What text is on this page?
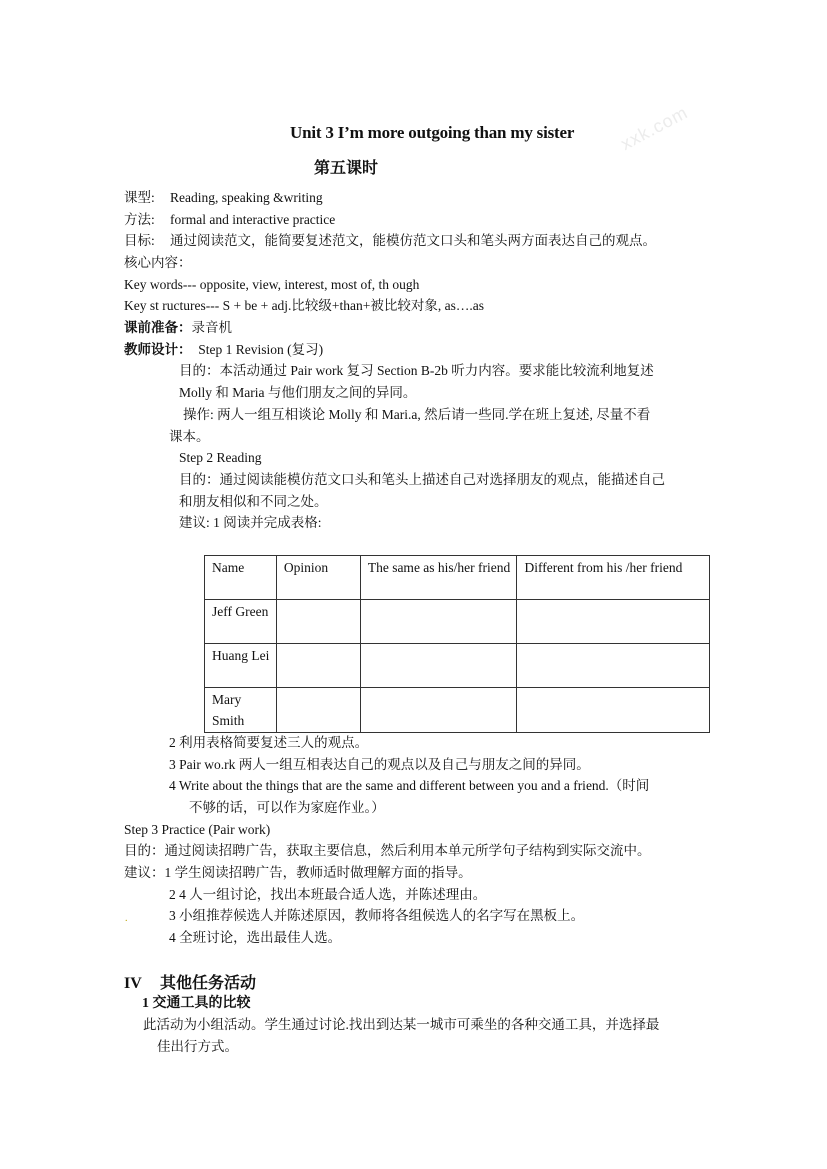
xxk.com
Unit 3 I’m more outgoing than my sister
第五课时
课型: Reading, speaking &writing
方法: formal and interactive practice
目标: 通过阅读范文，能简要复述范文，能模仿范文口头和笔头两方面表达自己的观点。
核心内容：
Key words--- opposite, view, interest, most of, th ough
Key st ructures--- S + be + adj.比较级+than+被比较对象, as….as
课前准备：录音机
教师设计： Step 1 Revision (复习)
目的：本活动通过 Pair work 复习 Section B-2b 听力内容。要求能比较流利地复述
Molly 和 Maria 与他们朋友之间的异同。
操作: 两人一组互相谈论 Molly 和 Mari.a, 然后请一些同.学在班上复述, 尽量不看
课本。
Step 2 Reading
目的：通过阅读能模仿范文口头和笔头上描述自己对选择朋友的观点，能描述自己
和朋友相似和不同之处。
建议: 1 阅读并完成表格:
Name	Opinion	The same as his/her friend	Different from his /her friend
Jeff Green			
Huang Lei			
Mary Smith			
2 利用表格简要复述三人的观点。
3 Pair wo.rk 两人一组互相表达自己的观点以及自己与朋友之间的异同。
4 Write about the things that are the same and different between you and a friend.（时间
不够的话，可以作为家庭作业。）
Step 3 Practice (Pair work)
目的：通过阅读招聘广告，获取主要信息，然后利用本单元所学句子结构到实际交流中。
建议：1 学生阅读招聘广告，教师适时做理解方面的指导。
2 4 人一组讨论，找出本班最合适人选，并陈述理由。
.	3 小组推荐候选人并陈述原因，教师将各组候选人的名字写在黑板上。
4 全班讨论，选出最佳人选。
IV 其他任务活动
1 交通工具的比较
此活动为小组活动。学生通过讨论.找出到达某一城市可乘坐的各种交通工具，并选择最
佳出行方式。
